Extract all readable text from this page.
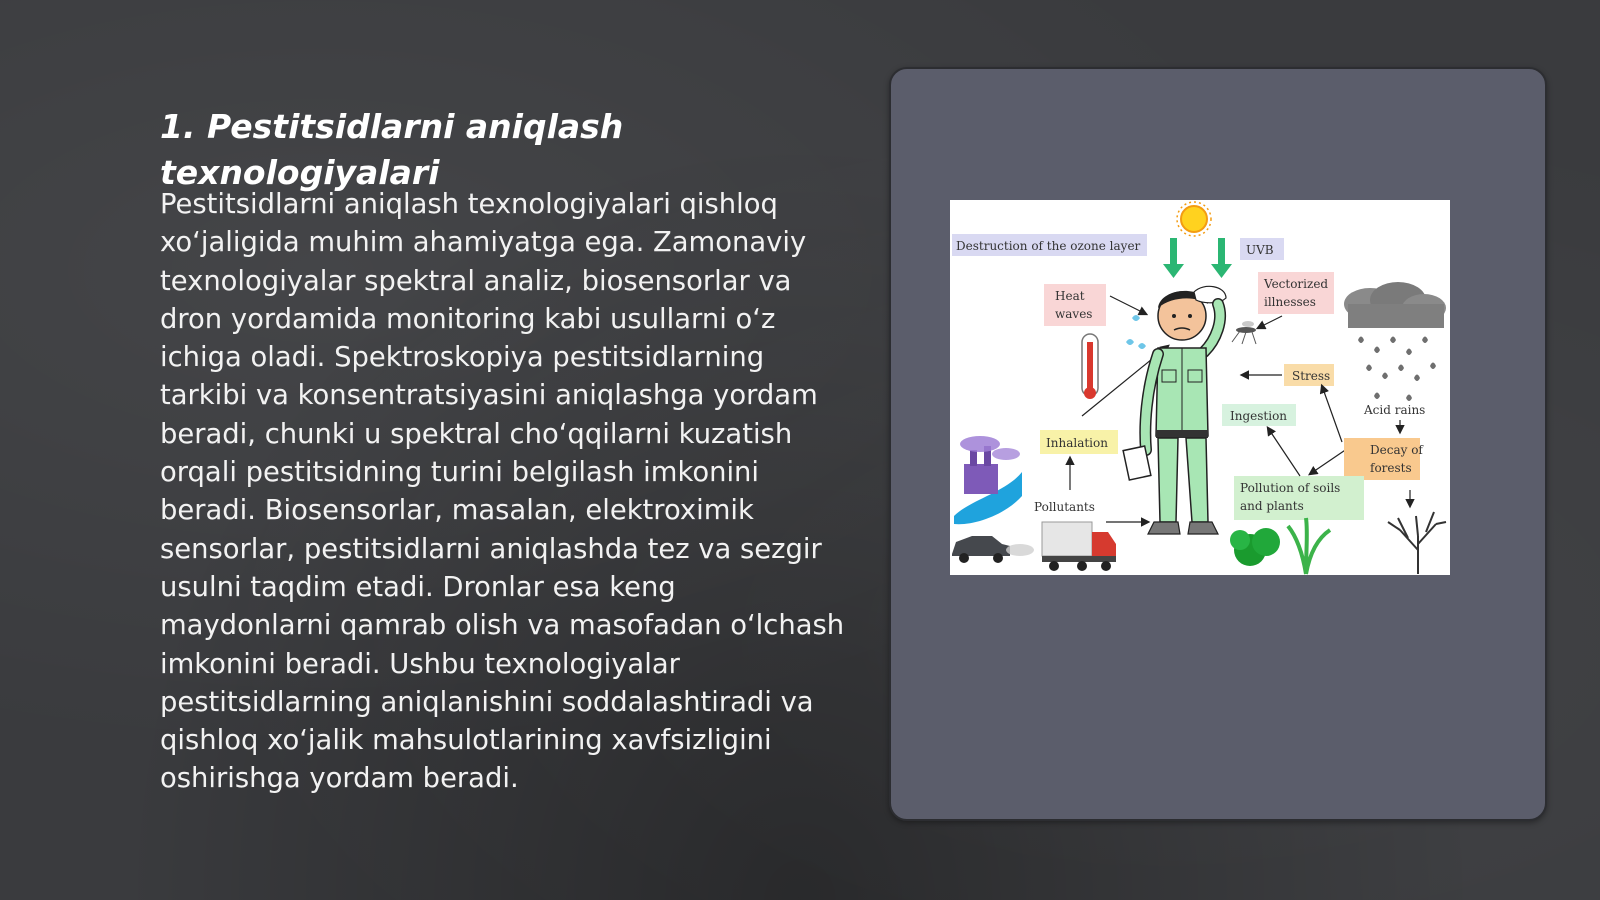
1. Pestitsidlarni aniqlash texnologiyalari

Pestitsidlarni aniqlash texnologiyalari qishloq xo‘jaligida muhim ahamiyatga ega. Zamonaviy texnologiyalar spektral analiz, biosensorlar va dron yordamida monitoring kabi usullarni o‘z ichiga oladi. Spektroskopiya pestitsidlarning tarkibi va konsentratsiyasini aniqlashga yordam beradi, chunki u spektral cho‘qqilarni kuzatish orqali pestitsidning turini belgilash imkonini beradi. Biosensorlar, masalan, elektroximik sensorlar, pestitsidlarni aniqlashda tez va sezgir usulni taqdim etadi. Dronlar esa keng maydonlarni qamrab olish va masofadan o‘lchash imkonini beradi. Ushbu texnologiyalar pestitsidlarning aniqlanishini soddalashtiradi va qishloq xo‘jalik mahsulotlarining xavfsizligini oshirishga yordam beradi.

Destruction of the ozone layer	UVB
Heat
waves
Vectorized
illnesses
Acid rains
Stress
Decay of
forests
Ingestion
Pollution of soils
and plants
Inhalation
Pollutants
